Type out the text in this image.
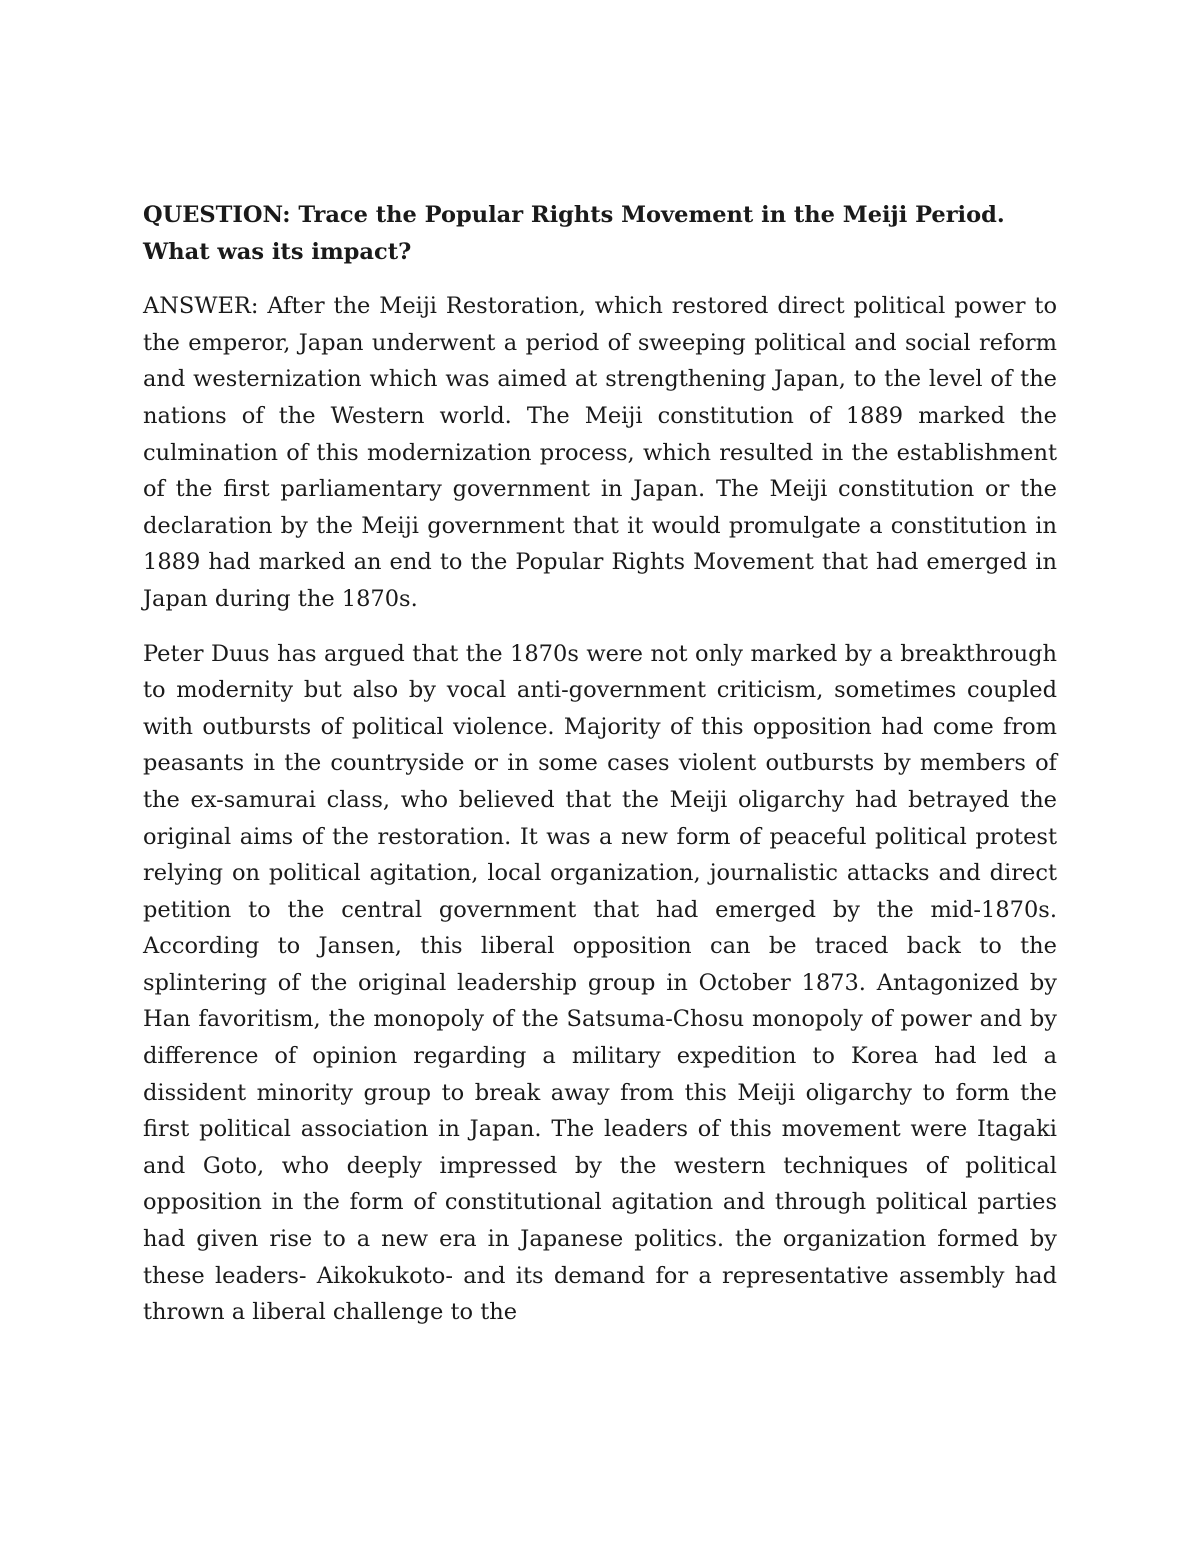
QUESTION: Trace the Popular Rights Movement in the Meiji Period. What was its impact?

ANSWER: After the Meiji Restoration, which restored direct political power to the emperor, Japan underwent a period of sweeping political and social reform and westernization which was aimed at strengthening Japan, to the level of the nations of the Western world. The Meiji constitution of 1889 marked the culmination of this modernization process, which resulted in the establishment of the first parliamentary government in Japan. The Meiji constitution or the declaration by the Meiji government that it would promulgate a constitution in 1889 had marked an end to the Popular Rights Movement that had emerged in Japan during the 1870s.

Peter Duus has argued that the 1870s were not only marked by a breakthrough to modernity but also by vocal anti-government criticism, sometimes coupled with outbursts of political violence. Majority of this opposition had come from peasants in the countryside or in some cases violent outbursts by members of the ex-samurai class, who believed that the Meiji oligarchy had betrayed the original aims of the restoration. It was a new form of peaceful political protest relying on political agitation, local organization, journalistic attacks and direct petition to the central government that had emerged by the mid-1870s. According to Jansen, this liberal opposition can be traced back to the splintering of the original leadership group in October 1873. Antagonized by Han favoritism, the monopoly of the Satsuma-Chosu monopoly of power and by difference of opinion regarding a military expedition to Korea had led a dissident minority group to break away from this Meiji oligarchy to form the first political association in Japan. The leaders of this movement were Itagaki and Goto, who deeply impressed by the western techniques of political opposition in the form of constitutional agitation and through political parties had given rise to a new era in Japanese politics. the organization formed by these leaders- Aikokukoto- and its demand for a representative assembly had thrown a liberal challenge to the
